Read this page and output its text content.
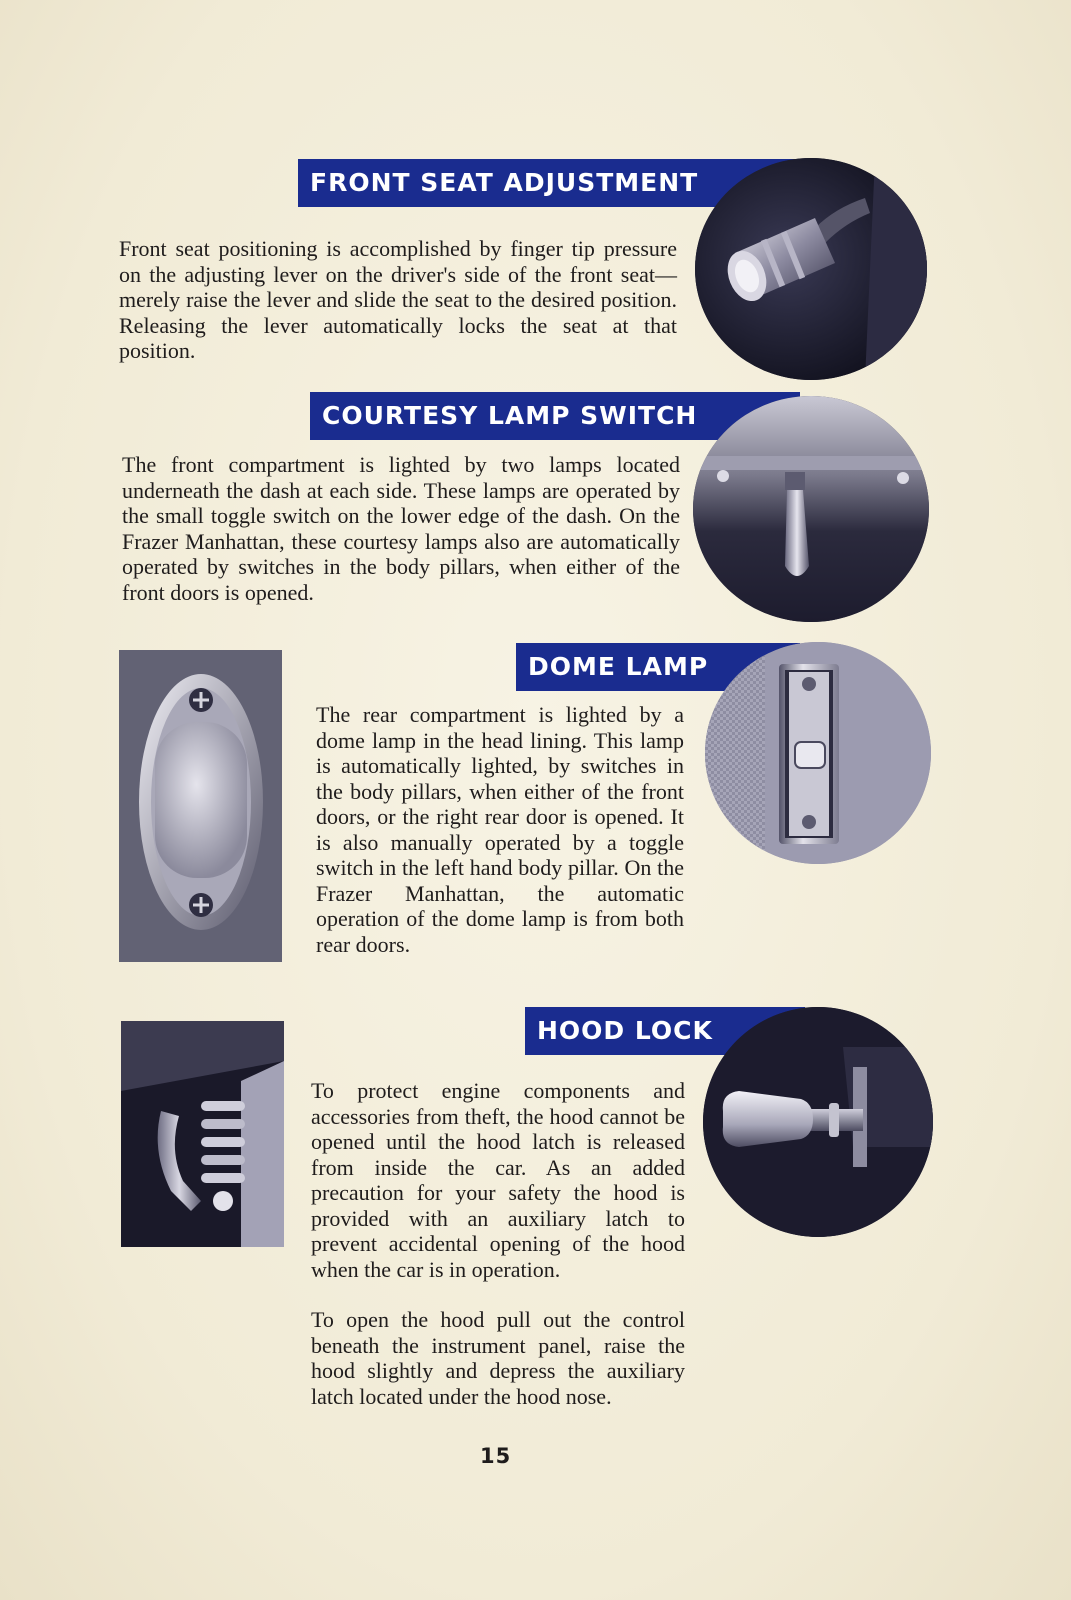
FRONT SEAT ADJUSTMENT
Front seat positioning is accomplished by finger tip pressure on the adjusting lever on the driver's side of the front seat—merely raise the lever and slide the seat to the desired position. Releasing the lever automatically locks the seat at that position.
COURTESY LAMP SWITCH
The front compartment is lighted by two lamps located underneath the dash at each side. These lamps are operated by the small toggle switch on the lower edge of the dash. On the Frazer Manhattan, these courtesy lamps also are automatically operated by switches in the body pillars, when either of the front doors is opened.
DOME LAMP
The rear compartment is lighted by a dome lamp in the head lining. This lamp is automatically lighted, by switches in the body pillars, when either of the front doors, or the right rear door is opened. It is also manually operated by a toggle switch in the left hand body pillar. On the Frazer Manhattan, the automatic operation of the dome lamp is from both rear doors.
HOOD LOCK
To protect engine components and accessories from theft, the hood cannot be opened until the hood latch is released from inside the car. As an added precaution for your safety the hood is provided with an auxiliary latch to prevent accidental opening of the hood when the car is in operation.
To open the hood pull out the control beneath the instrument panel, raise the hood slightly and depress the auxiliary latch located under the hood nose.
15
